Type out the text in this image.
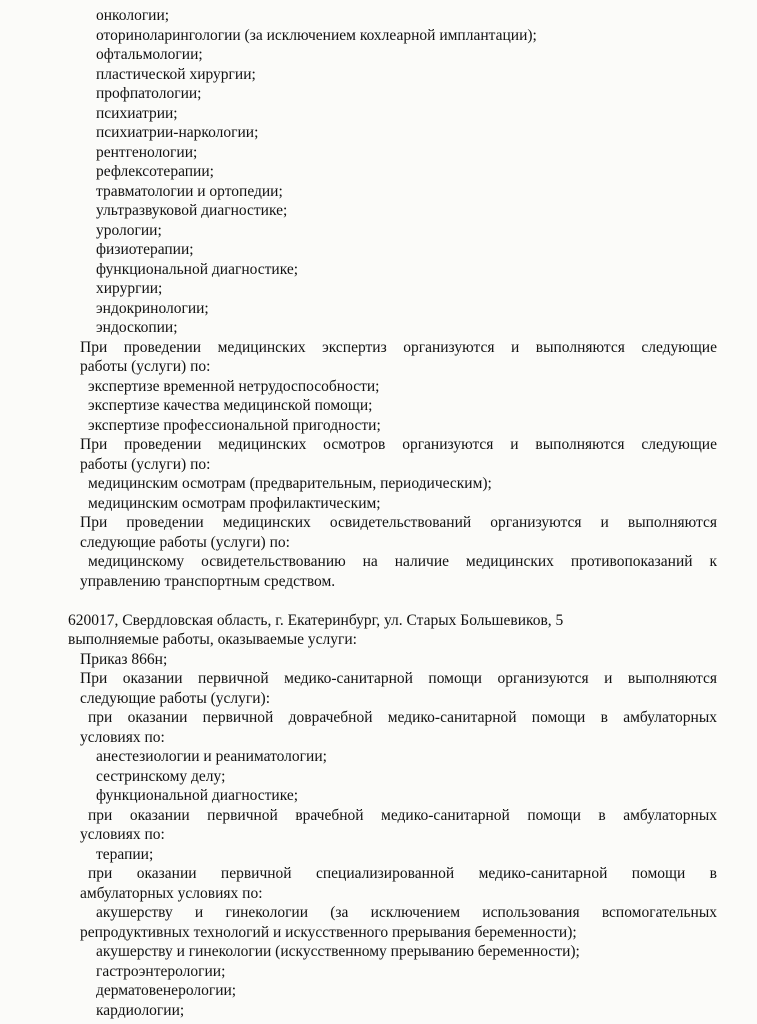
онкологии;
оториноларингологии (за исключением кохлеарной имплантации);
офтальмологии;
пластической хирургии;
профпатологии;
психиатрии;
психиатрии-наркологии;
рентгенологии;
рефлексотерапии;
травматологии и ортопедии;
ультразвуковой диагностике;
урологии;
физиотерапии;
функциональной диагностике;
хирургии;
эндокринологии;
эндоскопии;
При проведении медицинских экспертиз организуются и выполняются следующие
работы (услуги) по:
экспертизе временной нетрудоспособности;
экспертизе качества медицинской помощи;
экспертизе профессиональной пригодности;
При проведении медицинских осмотров организуются и выполняются следующие
работы (услуги) по:
медицинским осмотрам (предварительным, периодическим);
медицинским осмотрам профилактическим;
При проведении медицинских освидетельствований организуются и выполняются
следующие работы (услуги) по:
медицинскому освидетельствованию на наличие медицинских противопоказаний к
управлению транспортным средством.
620017, Свердловская область, г. Екатеринбург, ул. Старых Большевиков, 5
выполняемые работы, оказываемые услуги:
Приказ 866н;
При оказании первичной медико-санитарной помощи организуются и выполняются
следующие работы (услуги):
при оказании первичной доврачебной медико-санитарной помощи в амбулаторных
условиях по:
анестезиологии и реаниматологии;
сестринскому делу;
функциональной диагностике;
при оказании первичной врачебной медико-санитарной помощи в амбулаторных
условиях по:
терапии;
при оказании первичной специализированной медико-санитарной помощи в
амбулаторных условиях по:
акушерству и гинекологии (за исключением использования вспомогательных
репродуктивных технологий и искусственного прерывания беременности);
акушерству и гинекологии (искусственному прерыванию беременности);
гастроэнтерологии;
дерматовенерологии;
кардиологии;
